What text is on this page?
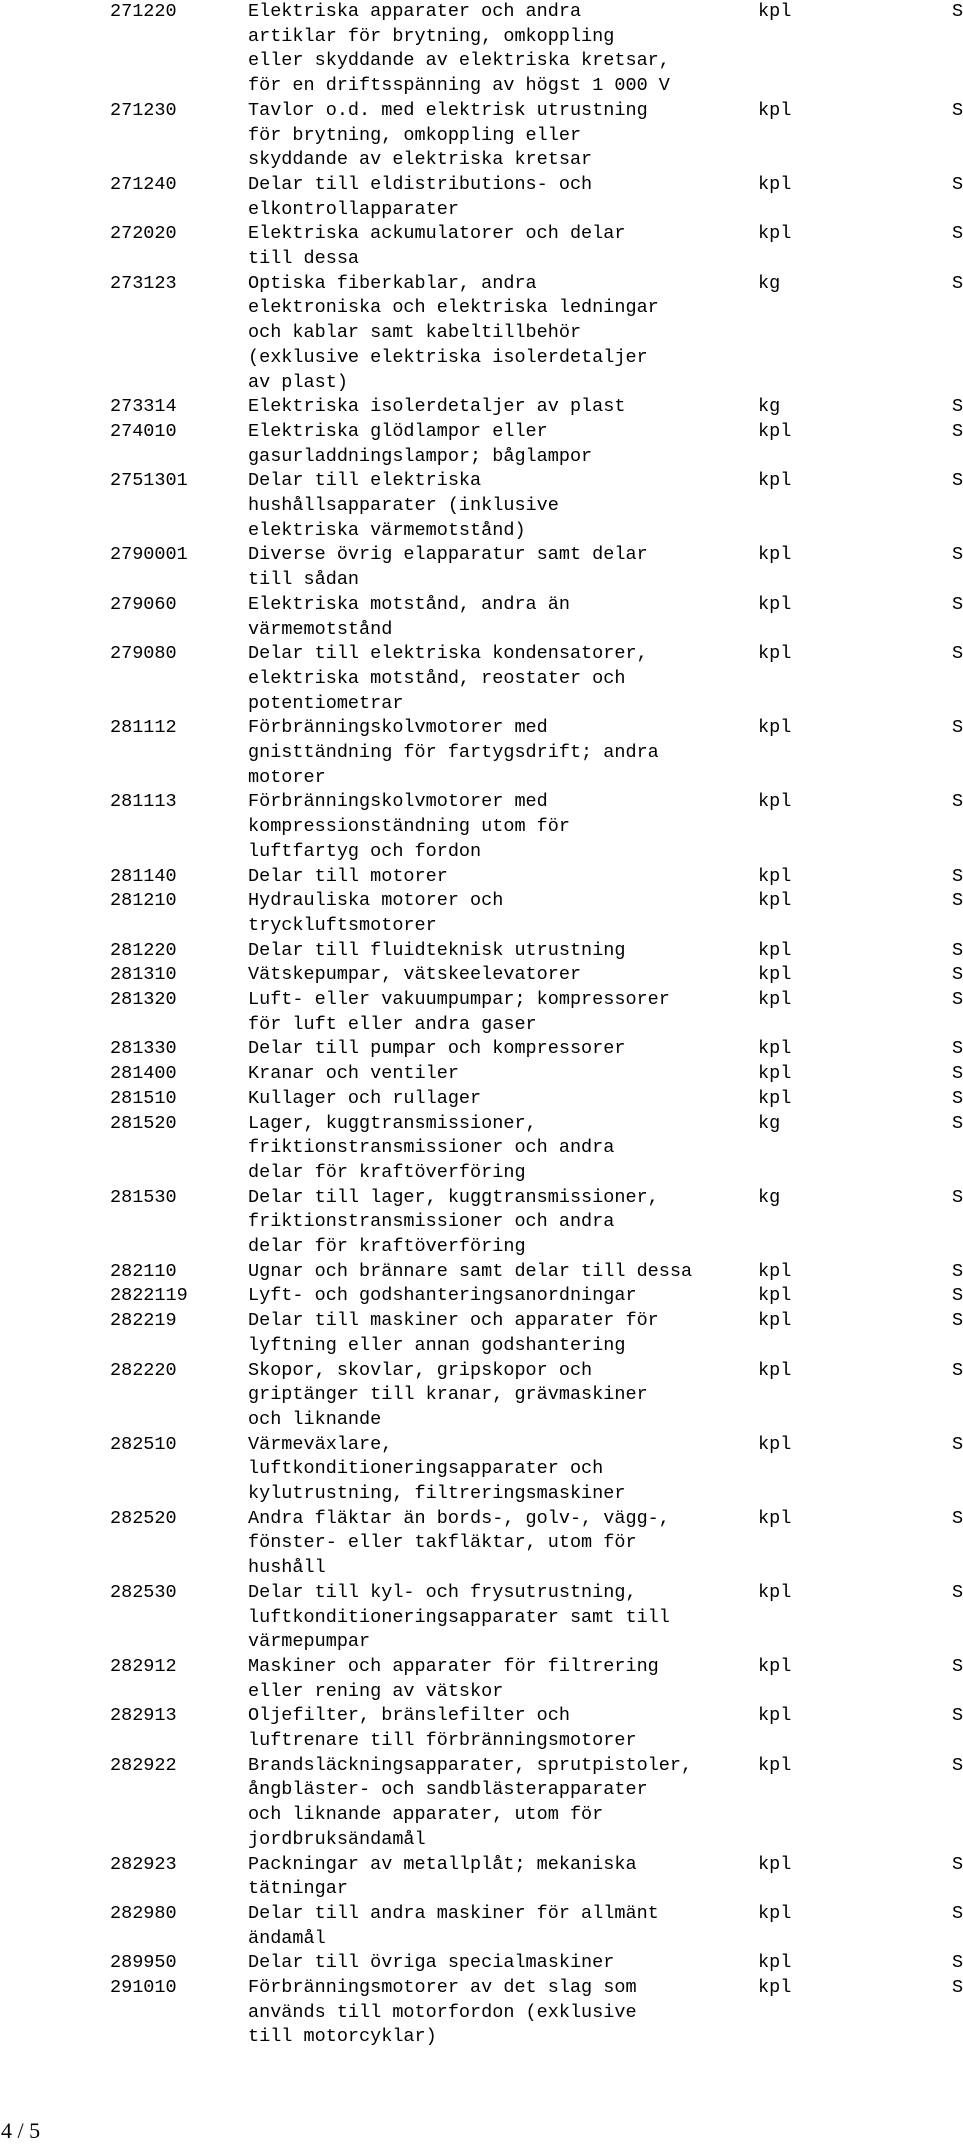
271220	Elektriska apparater och andra
artiklar för brytning, omkoppling
eller skyddande av elektriska kretsar,
för en driftsspänning av högst 1 000 V
kpl	S
271230	Tavlor o.d. med elektrisk utrustning
för brytning, omkoppling eller
skyddande av elektriska kretsar
kpl	S
271240	Delar till eldistributions- och
elkontrollapparater
kpl	S
272020	Elektriska ackumulatorer och delar
till dessa
kpl	S
273123	Optiska fiberkablar, andra
elektroniska och elektriska ledningar
och kablar samt kabeltillbehör
(exklusive elektriska isolerdetaljer
av plast)
kg	S
273314	Elektriska isolerdetaljer av plast	kg	S
274010	Elektriska glödlampor eller
gasurladdningslampor; båglampor
kpl	S
2751301	Delar till elektriska
hushållsapparater (inklusive
elektriska värmemotstånd)
kpl	S
2790001	Diverse övrig elapparatur samt delar
till sådan
kpl	S
279060	Elektriska motstånd, andra än
värmemotstånd
kpl	S
279080	Delar till elektriska kondensatorer,
elektriska motstånd, reostater och
potentiometrar
kpl	S
281112	Förbränningskolvmotorer med
gnisttändning för fartygsdrift; andra
motorer
kpl	S
281113	Förbränningskolvmotorer med
kompressionständning utom för
luftfartyg och fordon
kpl	S
281140	Delar till motorer	kpl	S
281210	Hydrauliska motorer och
tryckluftsmotorer
kpl	S
281220	Delar till fluidteknisk utrustning	kpl	S
281310	Vätskepumpar, vätskeelevatorer	kpl	S
281320	Luft- eller vakuumpumpar; kompressorer
för luft eller andra gaser
kpl	S
281330	Delar till pumpar och kompressorer	kpl	S
281400	Kranar och ventiler	kpl	S
281510	Kullager och rullager	kpl	S
281520	Lager, kuggtransmissioner,
friktionstransmissioner och andra
delar för kraftöverföring
kg	S
281530	Delar till lager, kuggtransmissioner,
friktionstransmissioner och andra
delar för kraftöverföring
kg	S
282110	Ugnar och brännare samt delar till dessa	kpl	S
2822119	Lyft- och godshanteringsanordningar	kpl	S
282219	Delar till maskiner och apparater för
lyftning eller annan godshantering
kpl	S
282220	Skopor, skovlar, gripskopor och
griptänger till kranar, grävmaskiner
och liknande
kpl	S
282510	Värmeväxlare,
luftkonditioneringsapparater och
kylutrustning, filtreringsmaskiner
kpl	S
282520	Andra fläktar än bords-, golv-, vägg-,
fönster- eller takfläktar, utom för
hushåll
kpl	S
282530	Delar till kyl- och frysutrustning,
luftkonditioneringsapparater samt till
värmepumpar
kpl	S
282912	Maskiner och apparater för filtrering
eller rening av vätskor
kpl	S
282913	Oljefilter, bränslefilter och
luftrenare till förbränningsmotorer
kpl	S
282922	Brandsläckningsapparater, sprutpistoler,
ångbläster- och sandblästerapparater
och liknande apparater, utom för
jordbruksändamål
kpl	S
282923	Packningar av metallplåt; mekaniska
tätningar
kpl	S
282980	Delar till andra maskiner för allmänt
ändamål
kpl	S
289950	Delar till övriga specialmaskiner	kpl	S
291010	Förbränningsmotorer av det slag som
används till motorfordon (exklusive
till motorcyklar)
kpl	S
4 / 5
